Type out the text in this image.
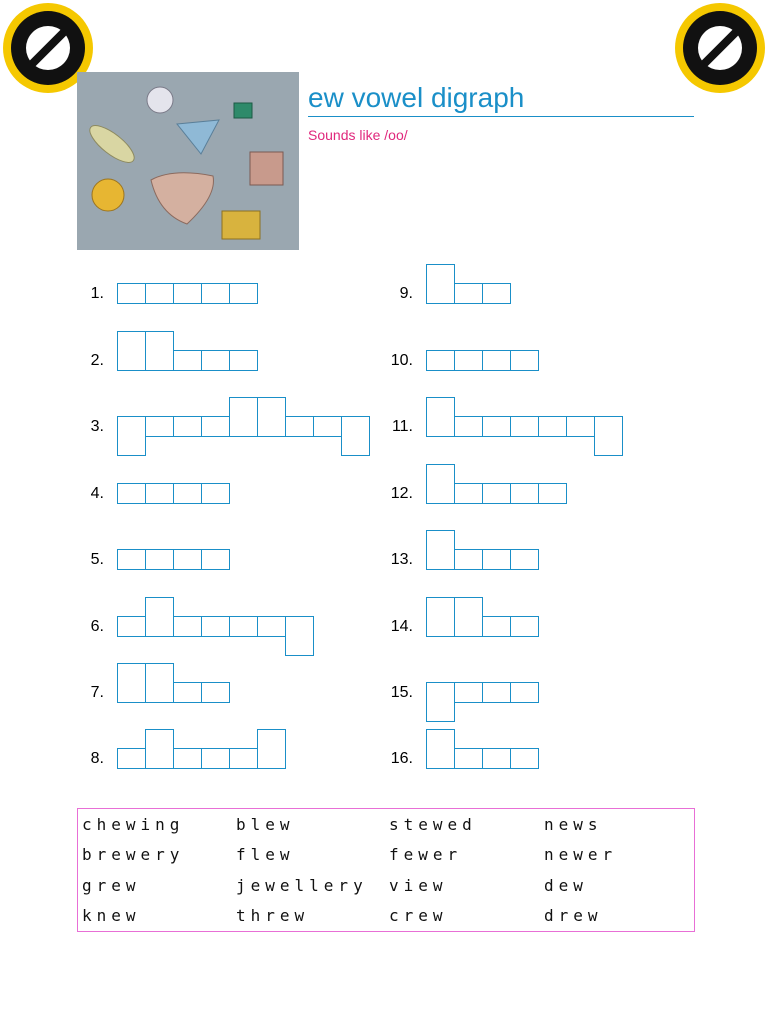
ew vowel digraph
Sounds like /oo/
1.
2.
3.
4.
5.
6.
7.
8.
9.
10.
11.
12.
13.
14.
15.
16.
chewing
brewery
grew
knew
blew
flew
jewellery
threw
stewed
fewer
view
crew
news
newer
dew
drew
